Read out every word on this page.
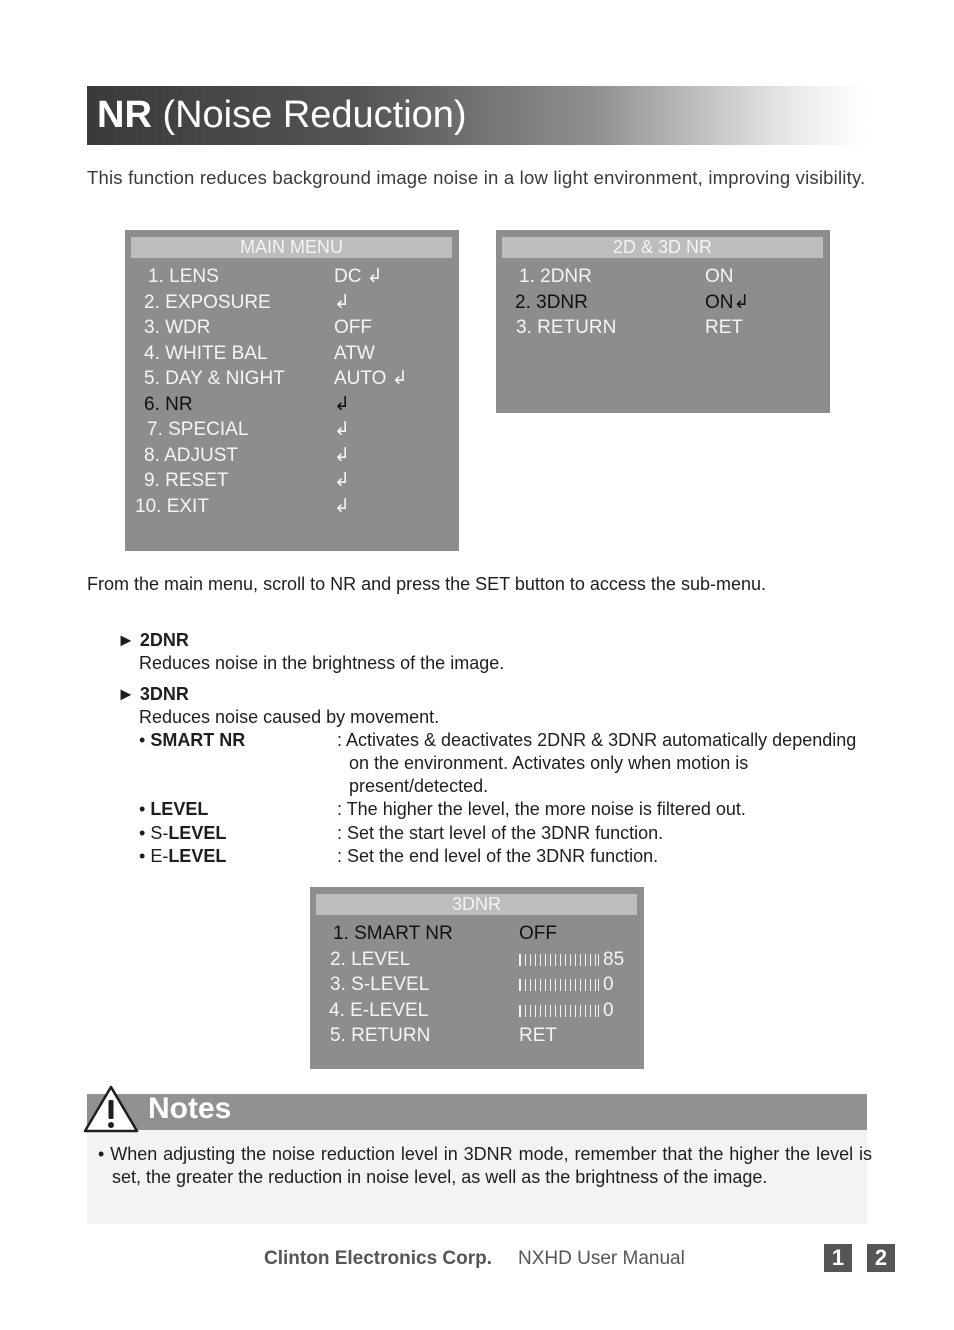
NR (Noise Reduction)
This function reduces background image noise in a low light environment, improving visibility.
MAIN MENU
1. LENS	DC ↲
2. EXPOSURE	↲
3. WDR	OFF
4. WHITE BAL	ATW
5. DAY & NIGHT	AUTO ↲
6. NR	↲
7. SPECIAL	↲
8. ADJUST	↲
9. RESET	↲
10. EXIT	↲
2D & 3D NR
1. 2DNR	ON
2. 3DNR	ON↲
3. RETURN	RET
From the main menu, scroll to NR and press the SET button to access the sub-menu.
► 2DNR
Reduces noise in the brightness of the image.
► 3DNR
Reduces noise caused by movement.
• SMART NR	: Activates & deactivates 2DNR & 3DNR automatically depending on the environment. Activates only when motion is present/detected.
• LEVEL	: The higher the level, the more noise is filtered out.
• S-LEVEL	: Set the start level of the 3DNR function.
• E-LEVEL	: Set the end level of the 3DNR function.
3DNR
1. SMART NR	OFF
2. LEVEL	85
3. S-LEVEL	0
4. E-LEVEL	0
5. RETURN	RET
Notes
• When adjusting the noise reduction level in 3DNR mode, remember that the higher the level is set, the greater the reduction in noise level, as well as the brightness of the image.
Clinton Electronics Corp. NXHD User Manual	1	2
